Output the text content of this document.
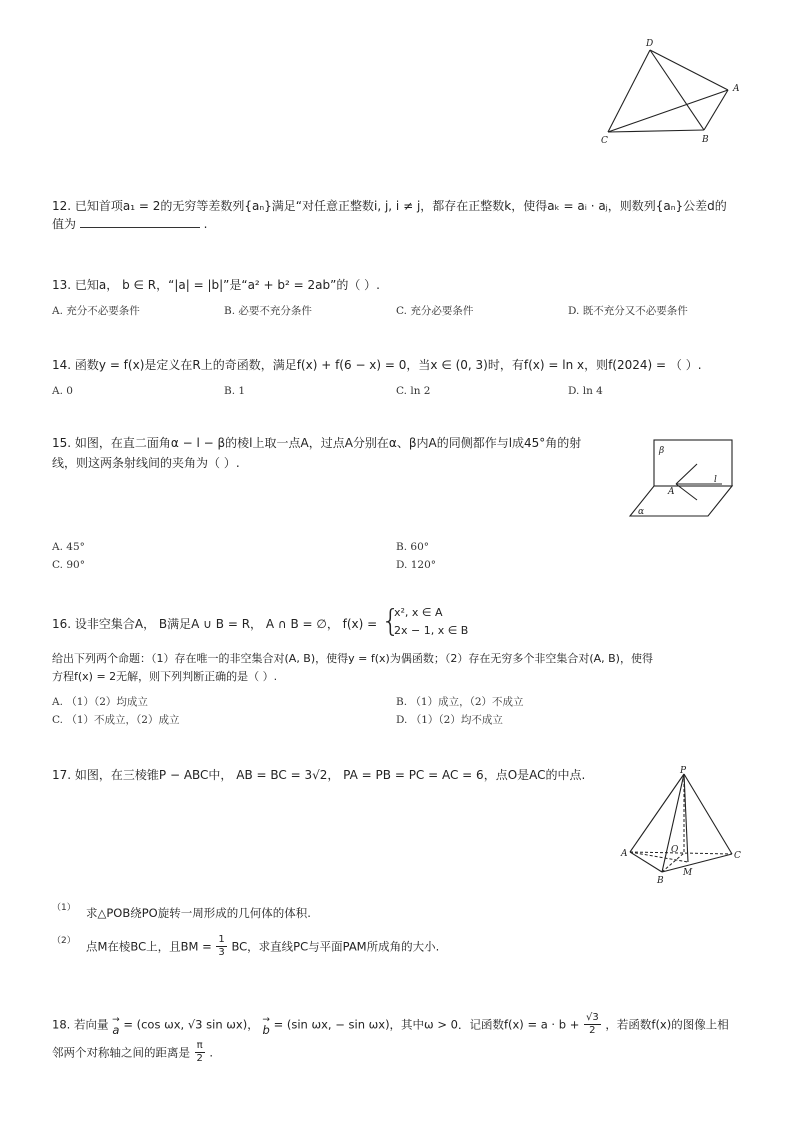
D
A
C	B
12. 已知首项a₁ = 2的无穷等差数列{aₙ}满足“对任意正整数i, j, i ≠ j，都存在正整数k，使得aₖ = aᵢ · aⱼ，则数列{aₙ}公差d的
值为	.
13. 已知a， b ∈ R，“|a| = |b|”是“a² + b² = 2ab”的（ ）.
A. 充分不必要条件	B. 必要不充分条件	C. 充分必要条件	D. 既不充分又不必要条件
14. 函数y = f(x)是定义在R上的奇函数，满足f(x) + f(6 − x) = 0，当x ∈ (0, 3)时，有f(x) = ln x，则f(2024) = （ ）.
A. 0	B. 1	C. ln 2	D. ln 4
15. 如图，在直二面角α − l − β的棱l上取一点A，过点A分别在α、β内A的同侧都作与l成45°角的射
线，则这两条射线间的夹角为（ ）.
β
A
l
α
A. 45°	B. 60°
C. 90°	D. 120°
16. 设非空集合A， B满足A ∪ B = R， A ∩ B = ∅， f(x) = {
x², x ∈ A
2x − 1, x ∈ B
给出下列两个命题：（1）存在唯一的非空集合对(A, B)，使得y = f(x)为偶函数；（2）存在无穷多个非空集合对(A, B)，使得
方程f(x) = 2无解，则下列判断正确的是（ ）.
A. （1）（2）均成立	B. （1）成立，（2）不成立
C. （1）不成立，（2）成立	D. （1）（2）均不成立
17. 如图，在三棱锥P − ABC中， AB = BC = 3√2， PA = PB = PC = AC = 6，点O是AC的中点.	P
A	O
C
B
M
（1） 求△POB绕PO旋转一周形成的几何体的体积.
（2） 点M在棱BC上，且BM = $\frac{1}{3}$ BC，求直线PC与平面PAM所成角的大小.
18. 若向量 →
a = (cos ωx, √3 sin ωx)， →
b = (sin ωx, − sin ωx)，其中ω > 0．记函数$f(x) = a \cdot b + \frac{√3}{2}$ ，若函数f(x)的图像上相
邻两个对称轴之间的距离是 $\frac{\pi}{2}$ .
